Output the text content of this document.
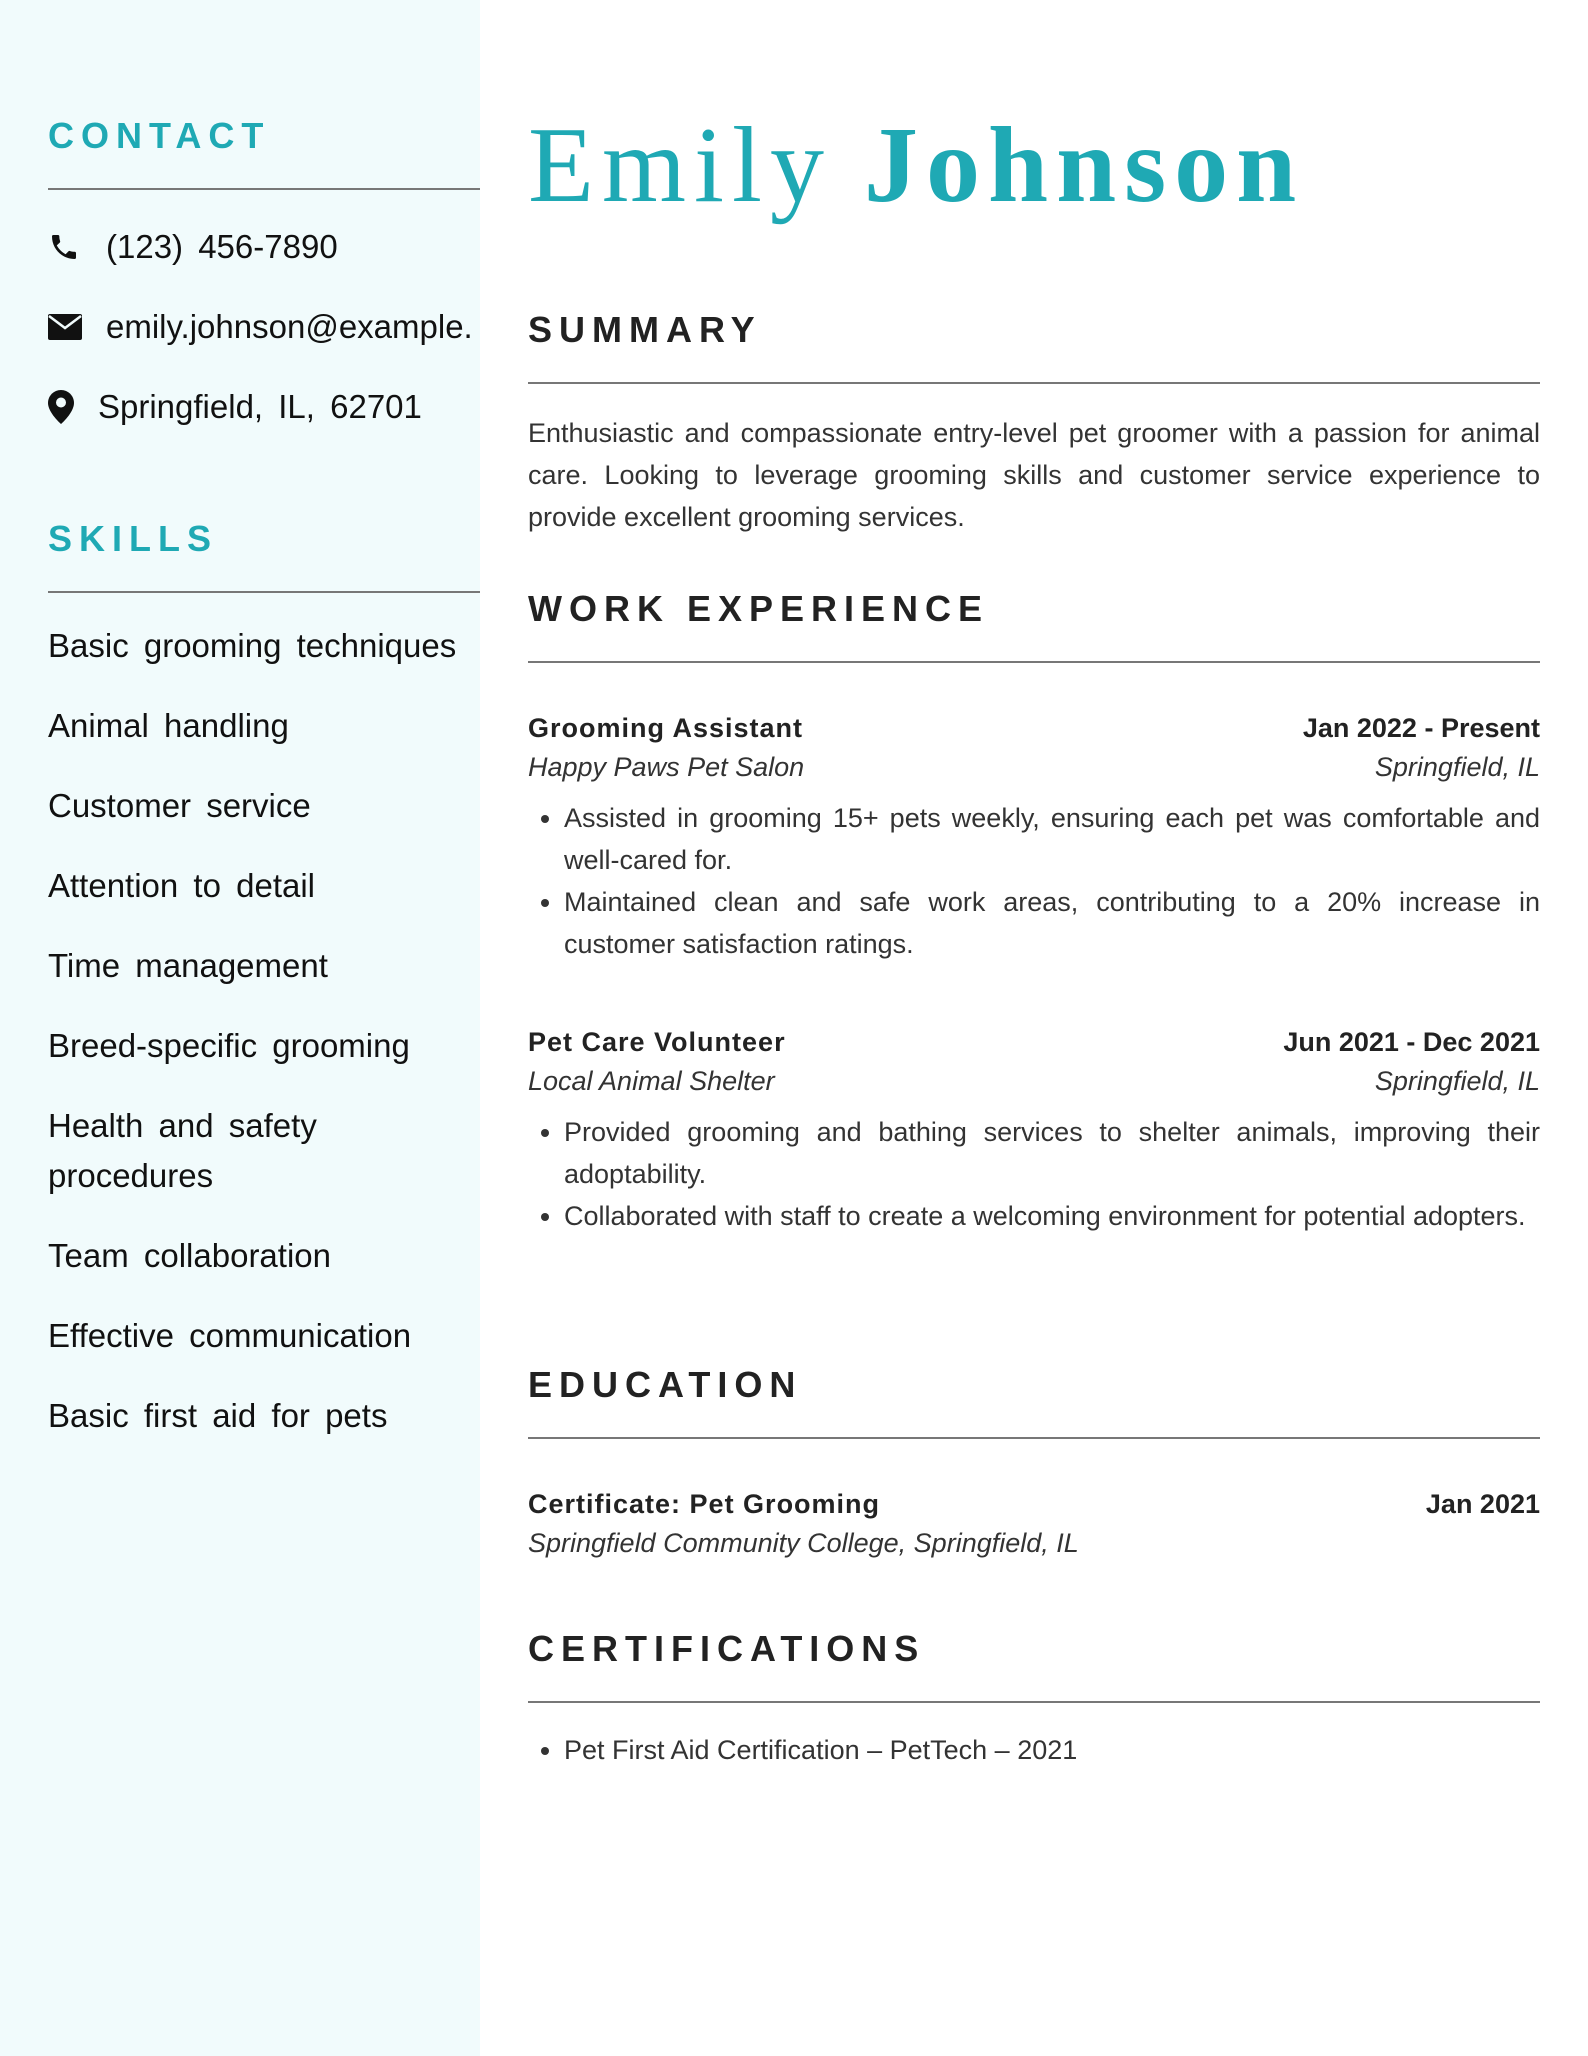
CONTACT
(123) 456-7890
emily.johnson@example.
Springfield, IL, 62701
SKILLS
Basic grooming techniques
Animal handling
Customer service
Attention to detail
Time management
Breed-specific grooming
Health and safety procedures
Team collaboration
Effective communication
Basic first aid for pets
Emily Johnson
SUMMARY

Enthusiastic and compassionate entry-level pet groomer with a passion for animal care. Looking to leverage grooming skills and customer service experience to provide excellent grooming services.

WORK EXPERIENCE
Grooming Assistant	Jan 2022 - Present
Happy Paws Pet Salon	Springfield, IL
• Assisted in grooming 15+ pets weekly, ensuring each pet was comfortable and well-cared for.
• Maintained clean and safe work areas, contributing to a 20% increase in customer satisfaction ratings.
Pet Care Volunteer	Jun 2021 - Dec 2021
Local Animal Shelter	Springfield, IL
• Provided grooming and bathing services to shelter animals, improving their adoptability.
• Collaborated with staff to create a welcoming environment for potential adopters.
EDUCATION
Certificate: Pet Grooming	Jan 2021
Springfield Community College, Springfield, IL
CERTIFICATIONS
• Pet First Aid Certification – PetTech – 2021
